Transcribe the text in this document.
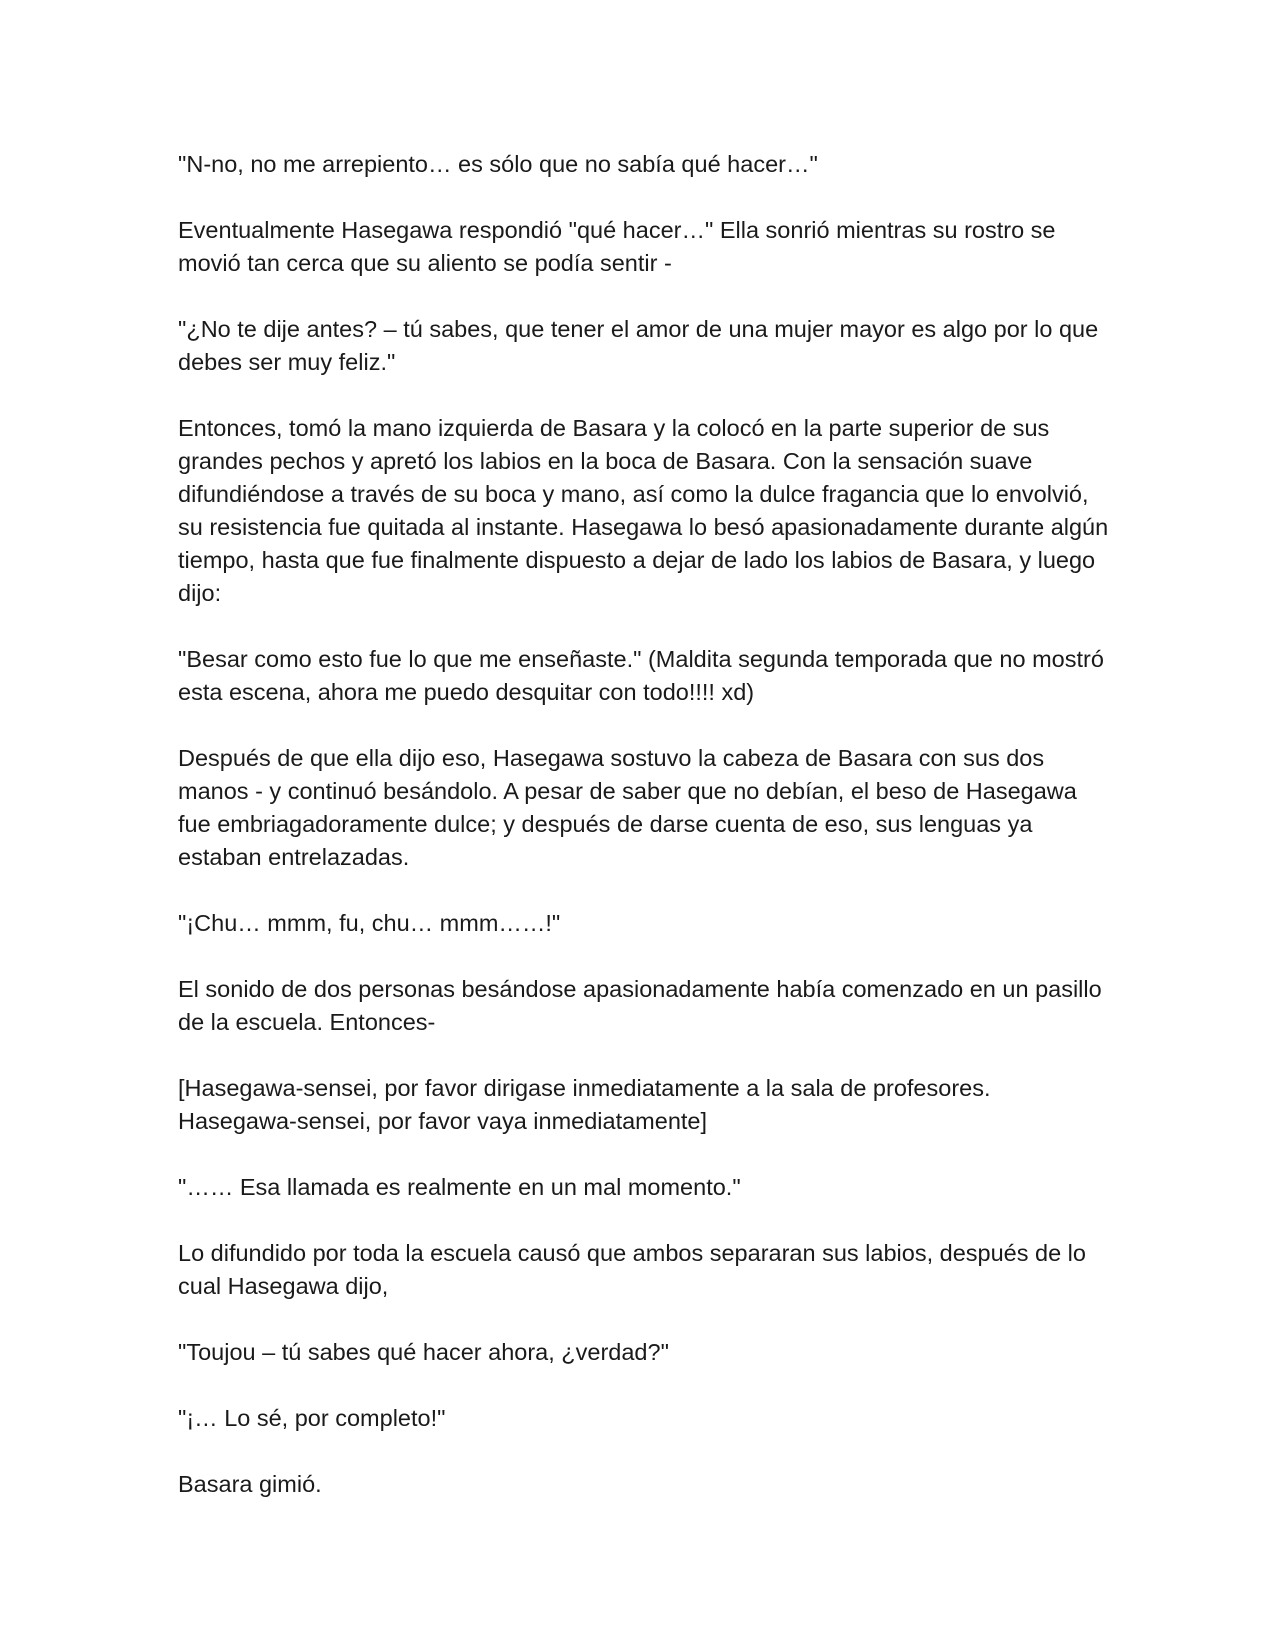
"N-no, no me arrepiento… es sólo que no sabía qué hacer…"

Eventualmente Hasegawa respondió "qué hacer…" Ella sonrió mientras su rostro se movió tan cerca que su aliento se podía sentir -

"¿No te dije antes? – tú sabes, que tener el amor de una mujer mayor es algo por lo que debes ser muy feliz."

Entonces, tomó la mano izquierda de Basara y la colocó en la parte superior de sus grandes pechos y apretó los labios en la boca de Basara. Con la sensación suave difundiéndose a través de su boca y mano, así como la dulce fragancia que lo envolvió, su resistencia fue quitada al instante. Hasegawa lo besó apasionadamente durante algún tiempo, hasta que fue finalmente dispuesto a dejar de lado los labios de Basara, y luego dijo:

"Besar como esto fue lo que me enseñaste." (Maldita segunda temporada que no mostró esta escena, ahora me puedo desquitar con todo!!!! xd)

Después de que ella dijo eso, Hasegawa sostuvo la cabeza de Basara con sus dos manos - y continuó besándolo. A pesar de saber que no debían, el beso de Hasegawa fue embriagadoramente dulce; y después de darse cuenta de eso, sus lenguas ya estaban entrelazadas.

"¡Chu… mmm, fu, chu… mmm……!"

El sonido de dos personas besándose apasionadamente había comenzado en un pasillo de la escuela. Entonces-

[Hasegawa-sensei, por favor dirigase inmediatamente a la sala de profesores. Hasegawa-sensei, por favor vaya inmediatamente]

"…… Esa llamada es realmente en un mal momento."

Lo difundido por toda la escuela causó que ambos separaran sus labios, después de lo cual Hasegawa dijo,

"Toujou – tú sabes qué hacer ahora, ¿verdad?"

"¡… Lo sé, por completo!"

Basara gimió.
